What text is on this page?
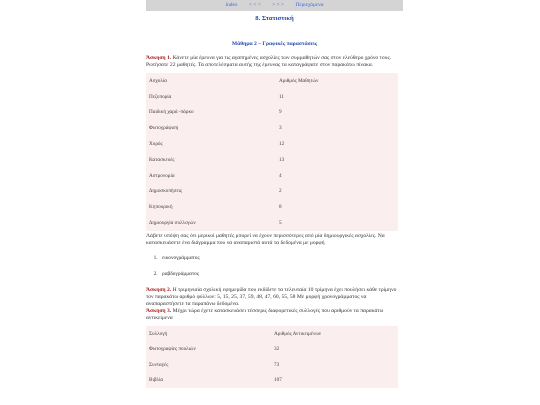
index < < < > > > Περιεχόμενα
8. Στατιστική
Μάθημα 2 – Γραφικές παραστάσεις

Άσκηση 1. Κάνετε μία έρευνα για τις αγαπημένες ασχολίες των συμμαθητών σας στον ελεύθερο χρόνο τους. Ρωτήσατε 22 μαθητές. Τα αποτελέσματα αυτής της έρευνας τα καταγράψατε στον παρακάτω πίνακα.

Ασχολία	Αριθμός Μαθητών
Πεζοπορία	11
Παιδική χαρά -πάρκο	9
Φωτογράφιση	3
Χορός	12
Κατασκευές	13
Αστρονομία	4
Δημοσκοπήσεις	2
Κηπουρική	8
Δημιουργία συλλογών	5

Λάβετε υπόψη σας ότι μερικοί μαθητές μπορεί να έχουν περισσότερες από μία δημιουργικές ασχολίες. Να κατασκευάσετε ένα διάγραμμα που να αναπαριστά αυτά τα δεδομένα με μορφή

1. εικονογράμματος
2. ραβδογράμματος

Άσκηση 2. Η τριμηνιαία σχολική εφημερίδα που εκδίδετε τα τελευταία 10 τρίμηνα έχει πουλήσει κάθε τρίμηνο τον παρακάτω αριθμό φύλλων: 5, 15, 25, 37, 59, 48, 47, 60, 55, 58 Με μορφή χρονογράμματος να αναπαραστήσετε τα παραπάνω δεδομένα.

Άσκηση 3. Μέχρι τώρα έχετε κατασκευάσει τέσσερις διαφορετικές συλλογές που αριθμούν τα παρακάτω αντικείμενα

Συλλογή	Αριθμός Αντικειμένων
Φωτογραφίες πουλιών	32
Συνταγές	73
Βιβλία	107
